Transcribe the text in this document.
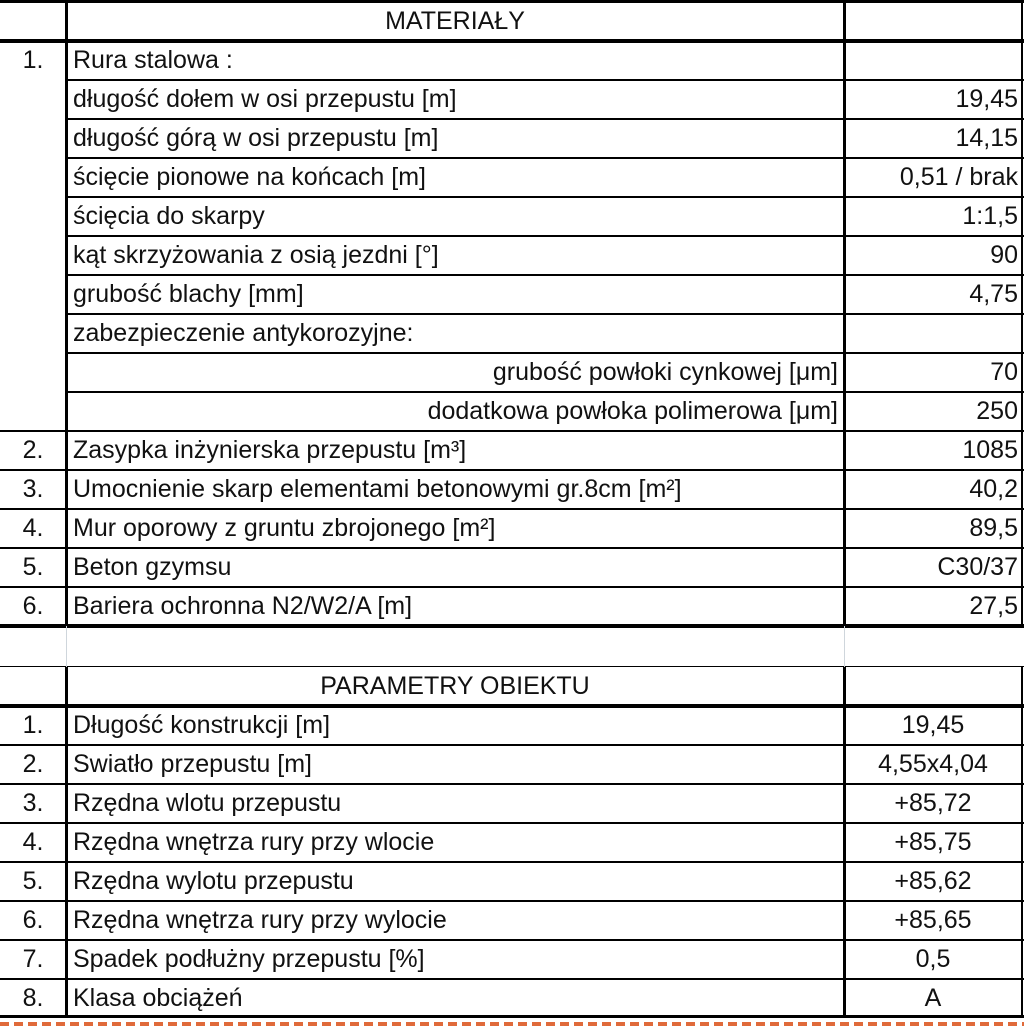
MATERIAŁY
1.	Rura stalowa :
długość dołem w osi przepustu [m]	19,45
długość górą w osi przepustu [m]	14,15
ścięcie pionowe na końcach [m]	0,51 / brak
ścięcia do skarpy	1:1,5
kąt skrzyżowania z osią jezdni [°]	90
grubość blachy [mm]	4,75
zabezpieczenie antykorozyjne:
grubość powłoki cynkowej [μm]	70
dodatkowa powłoka polimerowa [μm]	250
2.	Zasypka inżynierska przepustu [m³]	1085
3.	Umocnienie skarp elementami betonowymi gr.8cm [m²]	40,2
4.	Mur oporowy z gruntu zbrojonego [m²]	89,5
5.	Beton gzymsu	C30/37
6.	Bariera ochronna N2/W2/A [m]	27,5
PARAMETRY OBIEKTU
1.	Długość konstrukcji [m]	19,45
2.	Swiatło przepustu [m]	4,55x4,04
3.	Rzędna wlotu przepustu	+85,72
4.	Rzędna wnętrza rury przy wlocie	+85,75
5.	Rzędna wylotu przepustu	+85,62
6.	Rzędna wnętrza rury przy wylocie	+85,65
7.	Spadek podłużny przepustu [%]	0,5
8.	Klasa obciążeń	A
